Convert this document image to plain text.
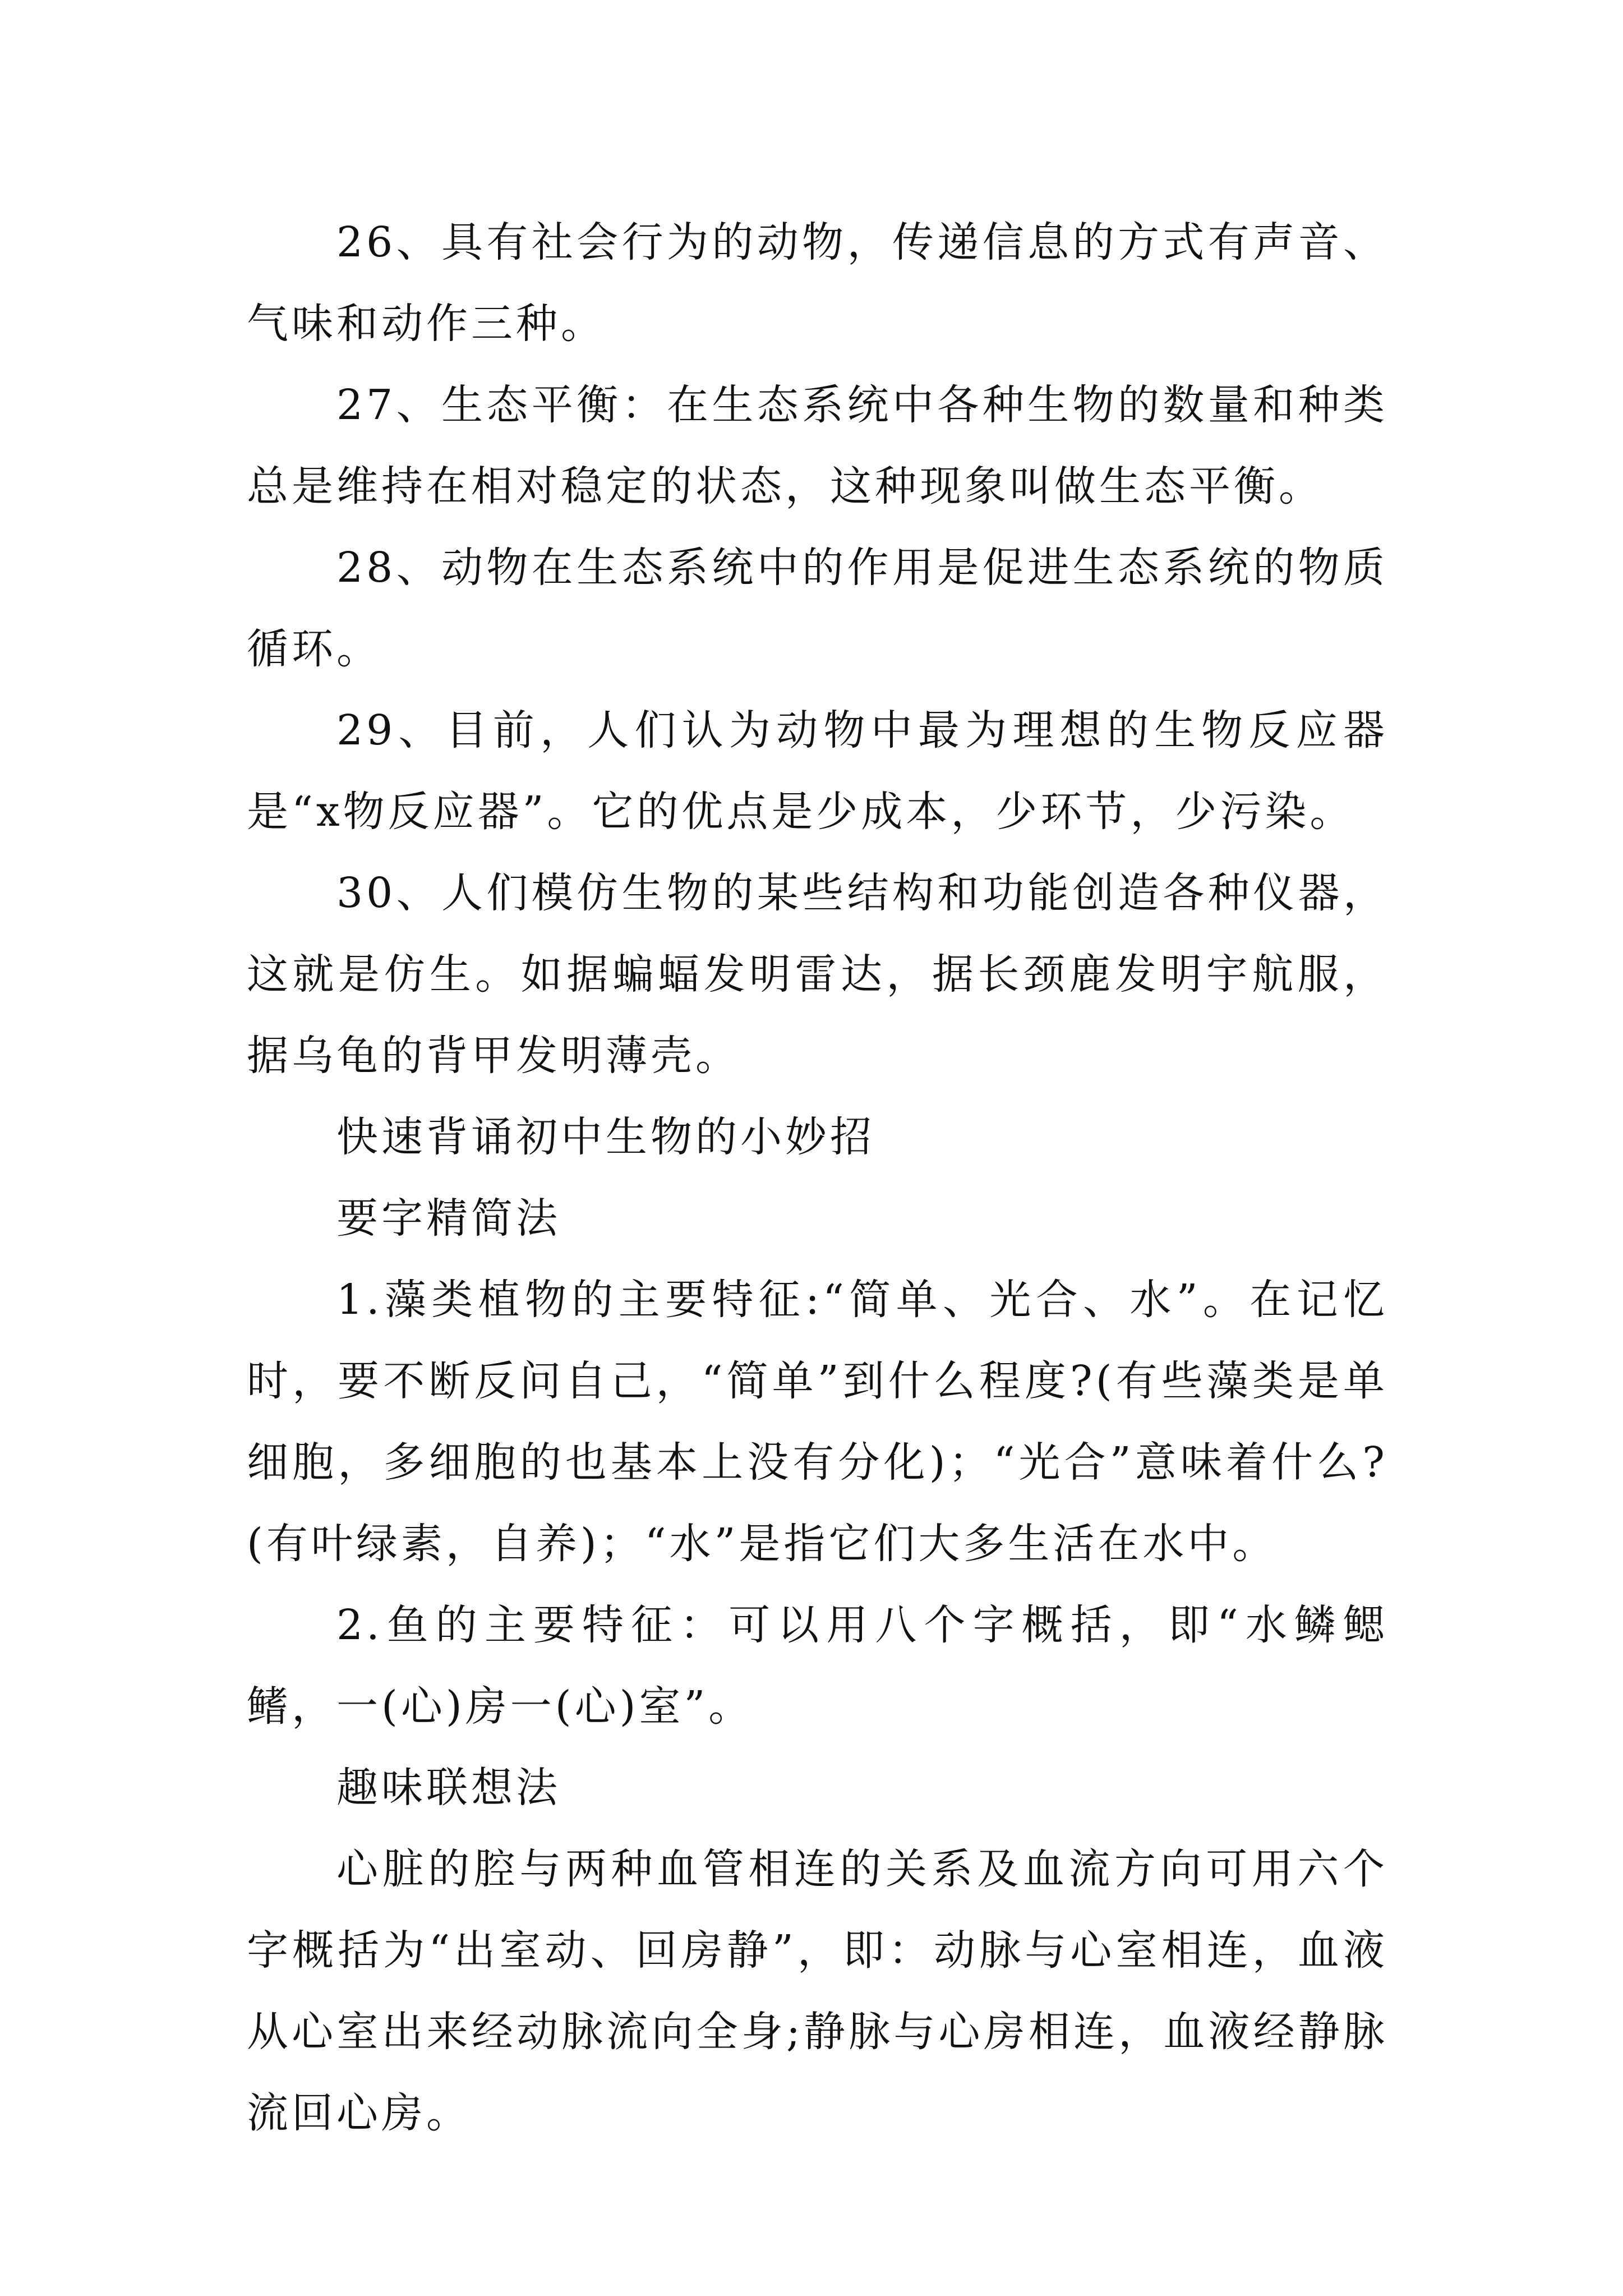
26、具有社会行为的动物，传递信息的方式有声音、气味和动作三种。

27、生态平衡：在生态系统中各种生物的数量和种类总是维持在相对稳定的状态，这种现象叫做生态平衡。

28、动物在生态系统中的作用是促进生态系统的物质循环。

29、目前，人们认为动物中最为理想的生物反应器是“x物反应器”。它的优点是少成本，少环节，少污染。

30、人们模仿生物的某些结构和功能创造各种仪器，这就是仿生。如据蝙蝠发明雷达，据长颈鹿发明宇航服，据乌龟的背甲发明薄壳。

快速背诵初中生物的小妙招

要字精简法

1.藻类植物的主要特征:“简单、光合、水”。在记忆时，要不断反问自己，“简单”到什么程度?(有些藻类是单细胞，多细胞的也基本上没有分化)；“光合”意味着什么?(有叶绿素，自养)；“水”是指它们大多生活在水中。

2.鱼的主要特征：可以用八个字概括，即“水鳞鳃鳍，一(心)房一(心)室”。

趣味联想法

心脏的腔与两种血管相连的关系及血流方向可用六个字概括为“出室动、回房静”，即：动脉与心室相连，血液从心室出来经动脉流向全身;静脉与心房相连，血液经静脉流回心房。
